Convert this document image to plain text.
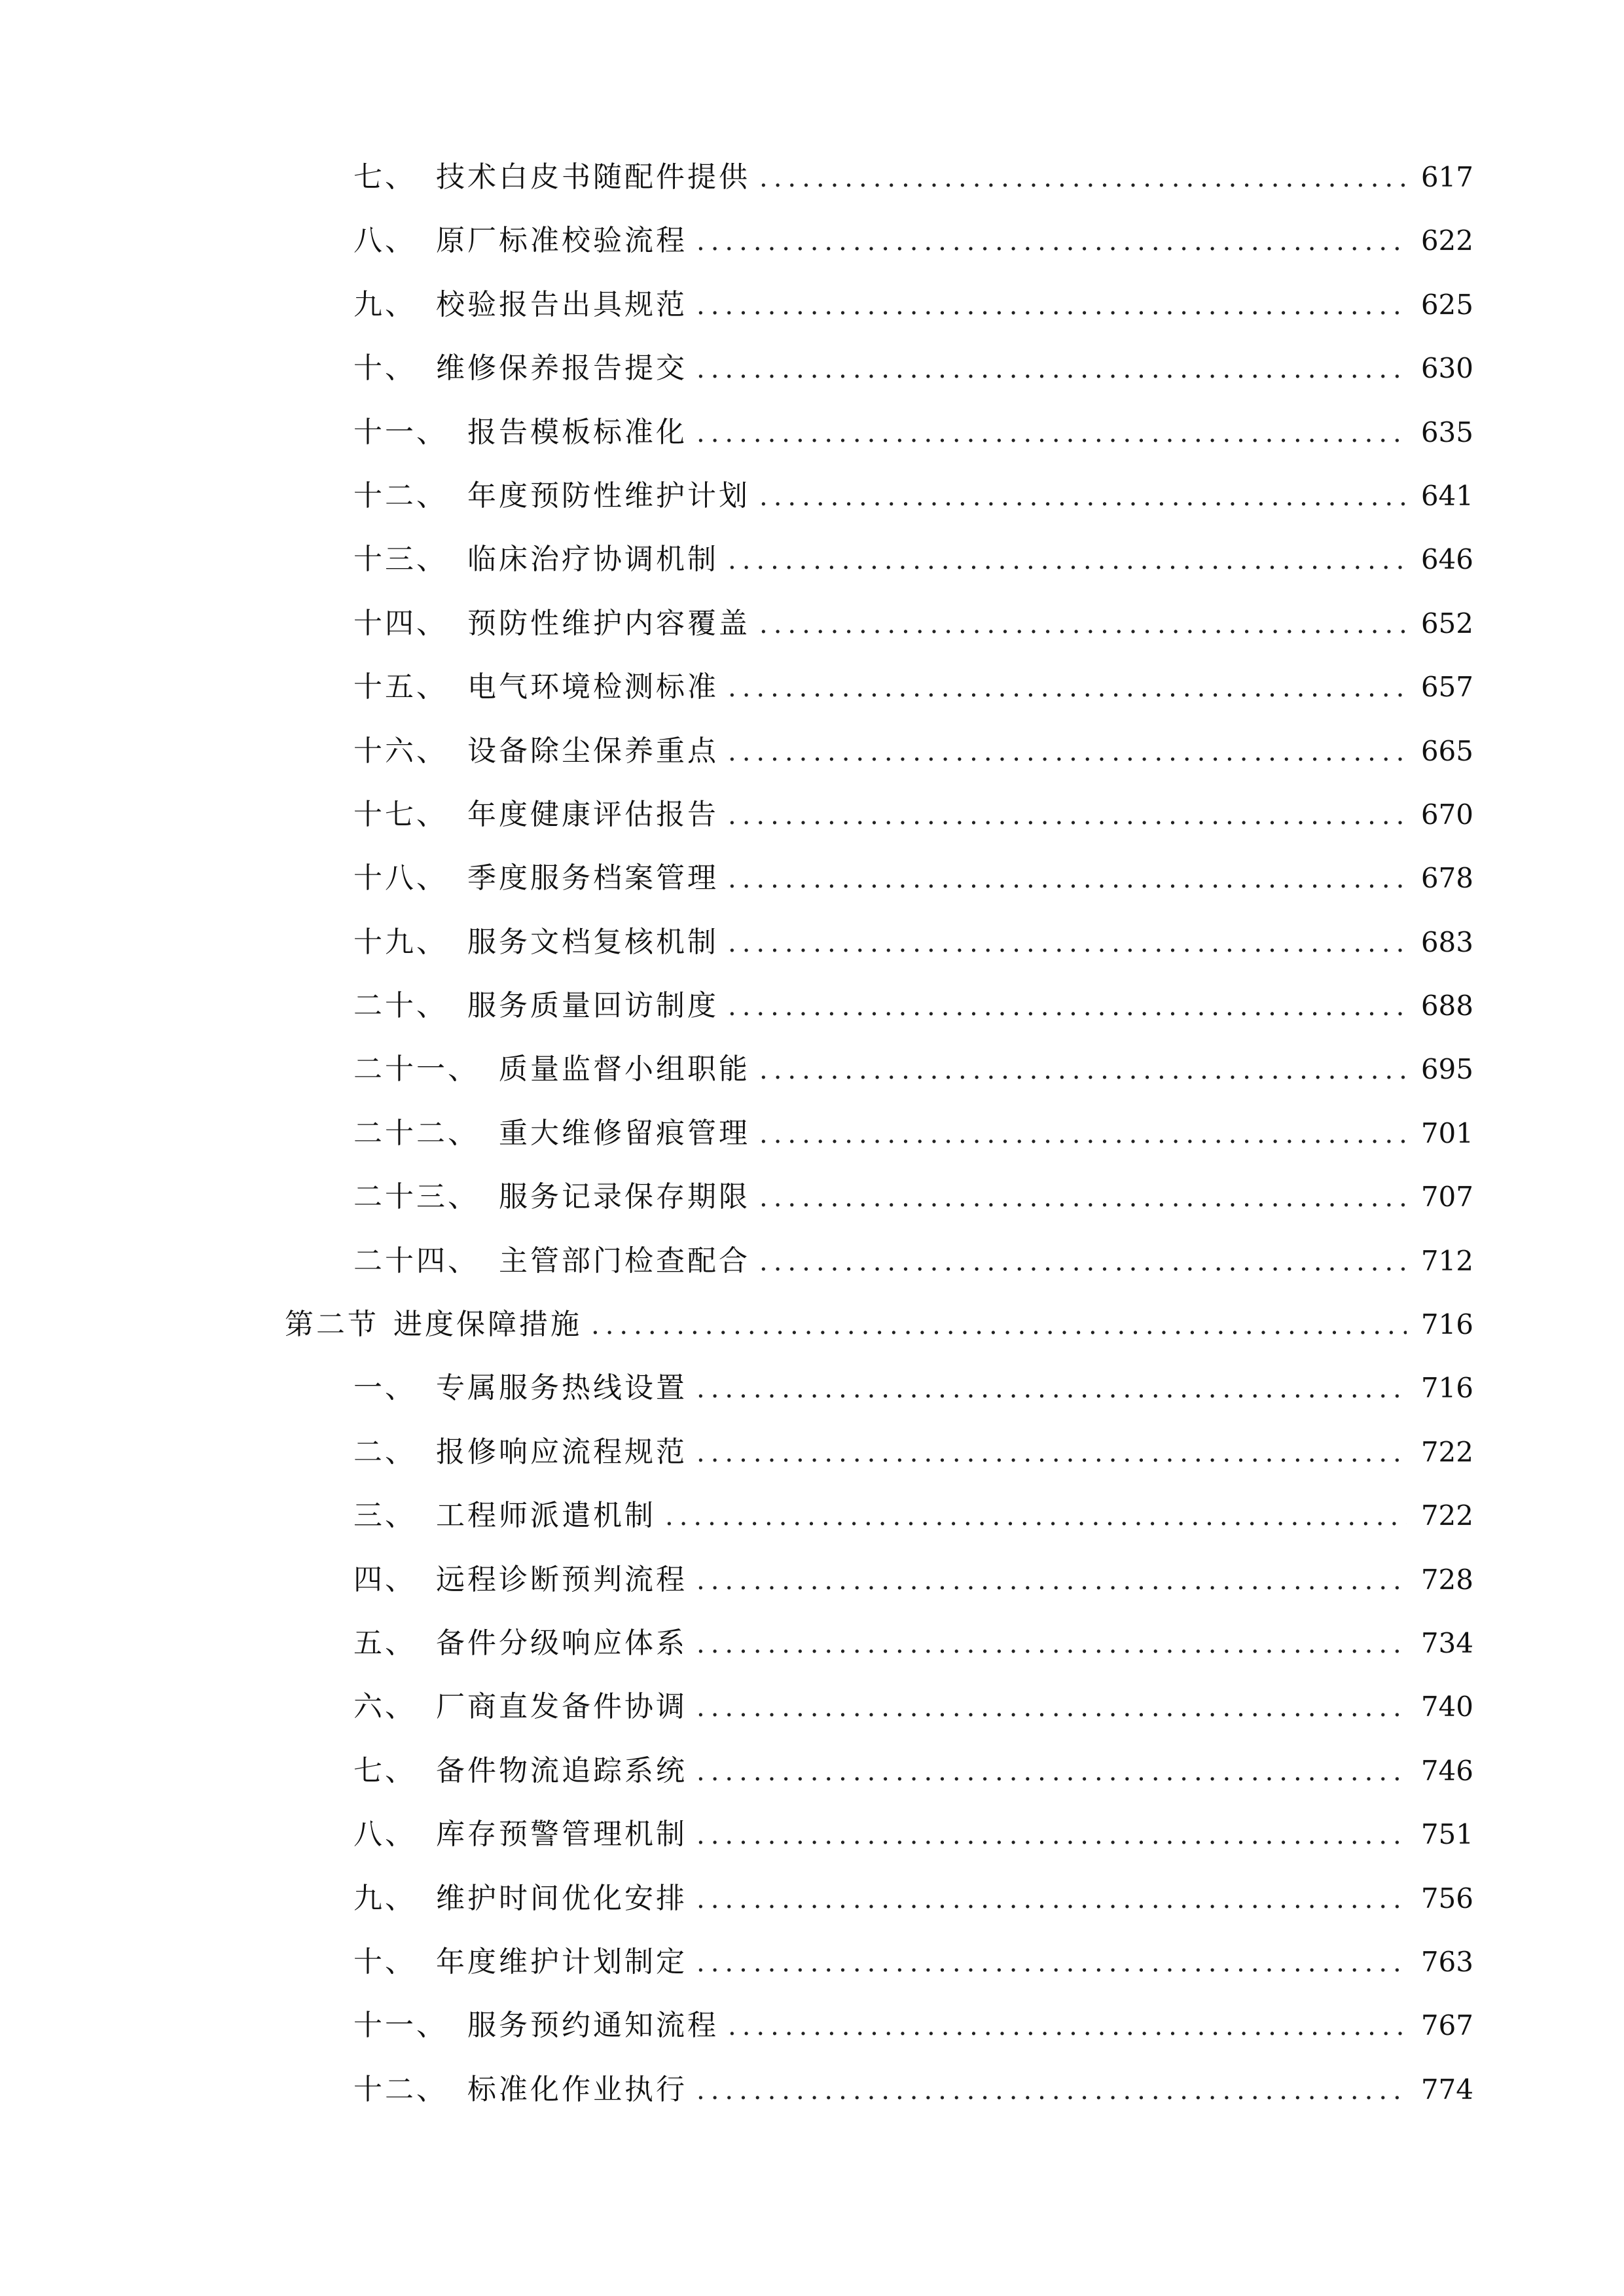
七、 技术白皮书随配件提供 .....	617
八、 原厂标准校验流程 .....	622
九、 校验报告出具规范 .....	625
十、 维修保养报告提交 .....	630
十一、 报告模板标准化 .....	635
十二、 年度预防性维护计划 .....	641
十三、 临床治疗协调机制 .....	646
十四、 预防性维护内容覆盖 .....	652
十五、 电气环境检测标准 .....	657
十六、 设备除尘保养重点 .....	665
十七、 年度健康评估报告 .....	670
十八、 季度服务档案管理 .....	678
十九、 服务文档复核机制 .....	683
二十、 服务质量回访制度 .....	688
二十一、 质量监督小组职能 .....	695
二十二、 重大维修留痕管理 .....	701
二十三、 服务记录保存期限 .....	707
二十四、 主管部门检查配合 .....	712
第二节 进度保障措施 .....	716
一、 专属服务热线设置 .....	716
二、 报修响应流程规范 .....	722
三、 工程师派遣机制 .....	722
四、 远程诊断预判流程 .....	728
五、 备件分级响应体系 .....	734
六、 厂商直发备件协调 .....	740
七、 备件物流追踪系统 .....	746
八、 库存预警管理机制 .....	751
九、 维护时间优化安排 .....	756
十、 年度维护计划制定 .....	763
十一、 服务预约通知流程 .....	767
十二、 标准化作业执行 .....	774
